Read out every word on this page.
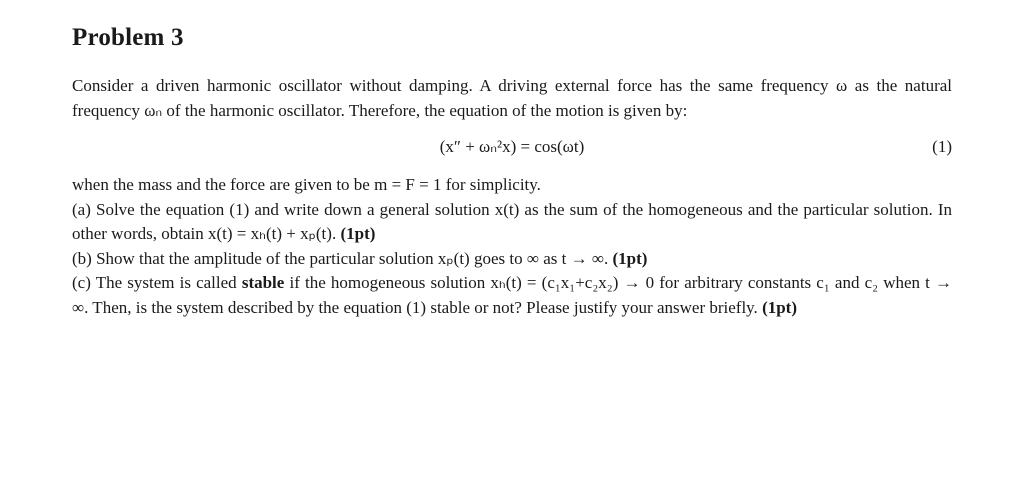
Problem 3

Consider a driven harmonic oscillator without damping. A driving external force has the same frequency ω as the natural frequency ωₙ of the harmonic oscillator. Therefore, the equation of the motion is given by:

(x″ + ωₙ²x) = cos(ωt)	(1)

when the mass and the force are given to be m = F = 1 for simplicity.

(a) Solve the equation (1) and write down a general solution x(t) as the sum of the homogeneous and the particular solution. In other words, obtain x(t) = xₕ(t) + xₚ(t). (1pt)

(b) Show that the amplitude of the particular solution xₚ(t) goes to ∞ as t → ∞. (1pt)

(c) The system is called stable if the homogeneous solution xₕ(t) = (c₁x₁+c₂x₂) → 0 for arbitrary constants c₁ and c₂ when t → ∞. Then, is the system described by the equation (1) stable or not? Please justify your answer briefly. (1pt)
